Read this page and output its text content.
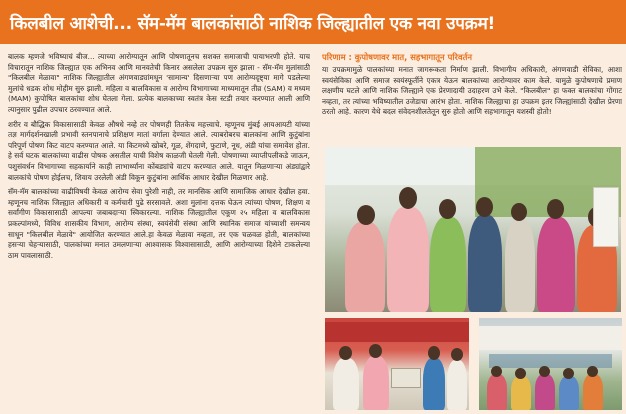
किलबील आशेची... सॅम-मॅम बालकांसाठी नाशिक जिल्ह्यातील एक नवा उपक्रम!

बालक म्हणजे भविष्याचं बीज... त्याच्या आरोग्यातून आणि पोषणातूनच सशक्त समाजाची पायाभरणी होते. याच विचारातून नाशिक जिल्ह्यात एक अभिनव आणि मानवतेची किनार असलेला उपक्रम सुरु झाला - सॅम-मॅम मुलांसाठी "किलबील मेळावा" नाशिक जिल्ह्यातील अंगणवाड्यांमधून 'सामान्य' दिसणाऱ्या पण आरोग्यदृष्ट्या मागे पडलेल्या मुलांचे धडक शोध मोहीम सुरु झाली. महिला व बालविकास व आरोग्य विभागाच्या माध्यमातून तीव्र (SAM) व मध्यम (MAM) कुपोषित बालकांचा शोध घेतला गेला. प्रत्येक बालकाच्या स्वतंत्र केस स्टडी तयार करण्यात आली आणि त्यानुसार पुढील उपचार ठरवण्यात आले.

शरीर व बौद्धिक विकासासाठी केवळ औषधे नव्हे तर पोषणही तितकेच महत्त्वाचे. म्हणूनच मुंबई आयआयटी यांच्या तज्ञ मार्गदर्शनखाली प्रभावी स्तनपानाचे प्रशिक्षण मातां वर्गाला देण्यात आले. त्याबरोबरच बालकांना आणि कुटुंबांना परिपूर्ण पोषण किट वाटप करण्यात आले. या किटमध्ये खोबरे, गूळ, शेंगदाणे, फुटाणे, नूध, अंडी यांचा समावेश होता. हे सर्व घटक बालकांच्या वाढीस पोषक असतील याची विशेष काळजी घेतली गेली. पोषणाच्या व्याप्तीपलीकडे जाऊन, पशुसंवर्धन विभागाच्या सहकार्याने काही लाभार्थ्यांना कोंबड्यांचे वाटप करण्यात आले. यातून मिळणाऱ्या अंड्यांद्वारे बालकांचे पोषण होईलच, शिवाय उरलेली अंडी विकून कुटुंबांना आर्थिक आधार देखील मिळणार आहे.

सॅम-मॅम बालकांच्या वाढीविषयी केवळ आरोग्य सेवा पुरेशी नाही, तर मानसिक आणि सामाजिक आधार देखील हवा. म्हणूनच नाशिक जिल्ह्यात अधिकारी व कर्मचारी पुढे सरसावले. अशा मुलांना दत्तक घेऊन त्यांच्या पोषण, शिक्षण व सर्वांगीण विकासासाठी आपल्या जबाबदाऱ्या स्विकारल्या. नाशिक जिल्ह्यातील एकूण २५ महिला व बालविकास प्रकल्पांमध्ये, विविध शासकीय विभाग, आरोग्य संस्था, स्वयंसेवी संस्था आणि स्थानिक समाज यांच्याशी समन्वय साधून "किलबील मेळावे" आयोजित करण्यात आले.हा केवळ मेळावा नव्हता, तर एक चळवळ होती, बालकांच्या हसऱ्या चेहऱ्यासाठी, पालकांच्या मनात उमलणाऱ्या आश्वासक विश्वासासाठी, आणि आरोग्याच्या दिशेने टाकलेल्या ठाम पावलासाठी.

परिणाम : कुपोषणावर मात, सहभागातून परिवर्तन

या उपक्रमामुळे पालकांच्या मनात जागरूकता निर्माण झाली. विभागीय अधिकारी, अंगणवाडी सेविका, आशा स्वयंसेविका आणि समाज स्वयंस्फूर्तीने एकत्र येऊन बालकांच्या आरोग्यावर काम केले. यामुळे कुपोषणाचे प्रमाण लक्षणीय घटले आणि नाशिक जिल्ह्याने एक प्रेरणादायी उदाहरण उभे केले. "किलबील" हा फक्त बालकांचा गोंगाट नव्हता, तर त्यांच्या भविष्यातील उजेडाचा आरंभ होता. नाशिक जिल्ह्याचा हा उपक्रम इतर जिल्ह्यांसाठी देखील प्रेरणा ठरतो आहे. कारण येथे बदल संवेदनशीलतेतून सुरु होतो आणि सहभागातून यशस्वी होतो!
